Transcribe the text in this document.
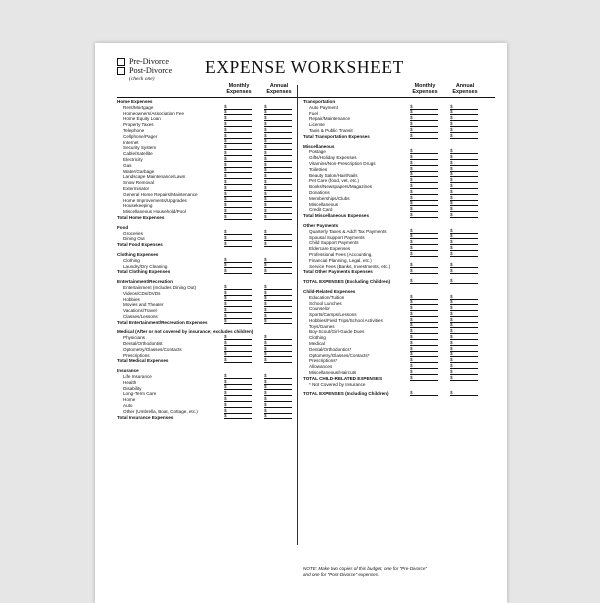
Pre-Divorce
Post-Divorce
(check one)
EXPENSE WORKSHEET
Monthly Expenses
Annual Expenses
Home Expenses
Rent/Mortgage	$	$
Homeowners/Association Fee	$	$
Home Equity Loan	$	$
Property Taxes	$	$
Telephone	$	$
Cellphone/Pager	$	$
Internet	$	$
Security System	$	$
Cable/Satellite	$	$
Electricity	$	$
Gas	$	$
Water/Garbage	$	$
Landscape Maintenance/Lawn	$	$
Snow Removal	$	$
Exterminator	$	$
General Home Repairs/Maintenance	$	$
Home Improvements/Upgrades	$	$
Housekeeping	$	$
Miscellaneous Household/Pool	$	$
Total Home Expenses	$	$
Food
Groceries	$	$
Dining Out	$	$
Total Food Expenses	$	$
Clothing Expenses
Clothing	$	$
Laundry/Dry Cleaning	$	$
Total Clothing Expenses	$	$
Entertainment/Recreation
Entertainment (Includes Dining Out)	$	$
Videos/CDs/DVDs	$	$
Hobbies	$	$
Movies and Theater	$	$
Vacations/Travel	$	$
Classes/Lessons	$	$
Total Entertainment/Recreation Expenses	$	$
Medical (After or not covered by insurance; excludes children)
Physicians	$	$
Dental/Orthodontist	$	$
Optometry/Glasses/Contacts	$	$
Prescriptions	$	$
Total Medical Expenses	$	$
Insurance
Life Insurance	$	$
Health	$	$
Disability	$	$
Long-Term Care	$	$
Home	$	$
Auto	$	$
Other (Umbrella, Boat, Cottage, etc.)	$	$
Total Insurance Expenses	$	$
Monthly Expenses
Annual Expenses
Transportation
Auto Payment	$	$
Fuel	$	$
Repair/Maintenance	$	$
License	$	$
Taxis & Public Transit	$	$
Total Transportation Expenses	$	$
Miscellaneous
Postage	$	$
Gifts/Holiday Expenses	$	$
Vitamins/Non-Prescription Drugs	$	$
Toiletries	$	$
Beauty Salon/Hair/Nails	$	$
Pet Care (food, vet, etc.)	$	$
Books/Newspapers/Magazines	$	$
Donations	$	$
Memberships/Clubs	$	$
Miscellaneous	$	$
Credit Card	$	$
Total Miscellaneous Expenses	$	$
Other Payments
Quarterly Taxes & Add'l Tax Payments	$	$
Spousal Support Payments	$	$
Child Support Payments	$	$
Eldercare Expenses	$	$
Professional Fees (Accounting,	$	$
Financial Planning, Legal, etc.)
Service Fees (Banks, Investments, etc.)	$	$
Total Other Payments Expenses	$	$
TOTAL EXPENSES (Excluding Children)	$	$
Child-Related Expenses
Education/Tuition	$	$
School Lunches	$	$
Counselor	$	$
Sports/Camps/Lessons	$	$
Hobbies/Field Trips/School Activities	$	$
Toys/Games	$	$
Boy-Scout/Girl-Guide Dues	$	$
Clothing	$	$
Medical	$	$
Dental/Orthodontics*	$	$
Optometry/Glasses/Contacts*	$	$
Prescriptions*	$	$
Allowances	$	$
Miscellaneous/Haircuts	$	$
TOTAL CHILD-RELATED EXPENSES	$	$
* Not Covered by Insurance
TOTAL EXPENSES (Including Children)	$	$
NOTE: Make two copies of this budget, one for "Pre-Divorce"
and one for "Post-Divorce" expenses.
